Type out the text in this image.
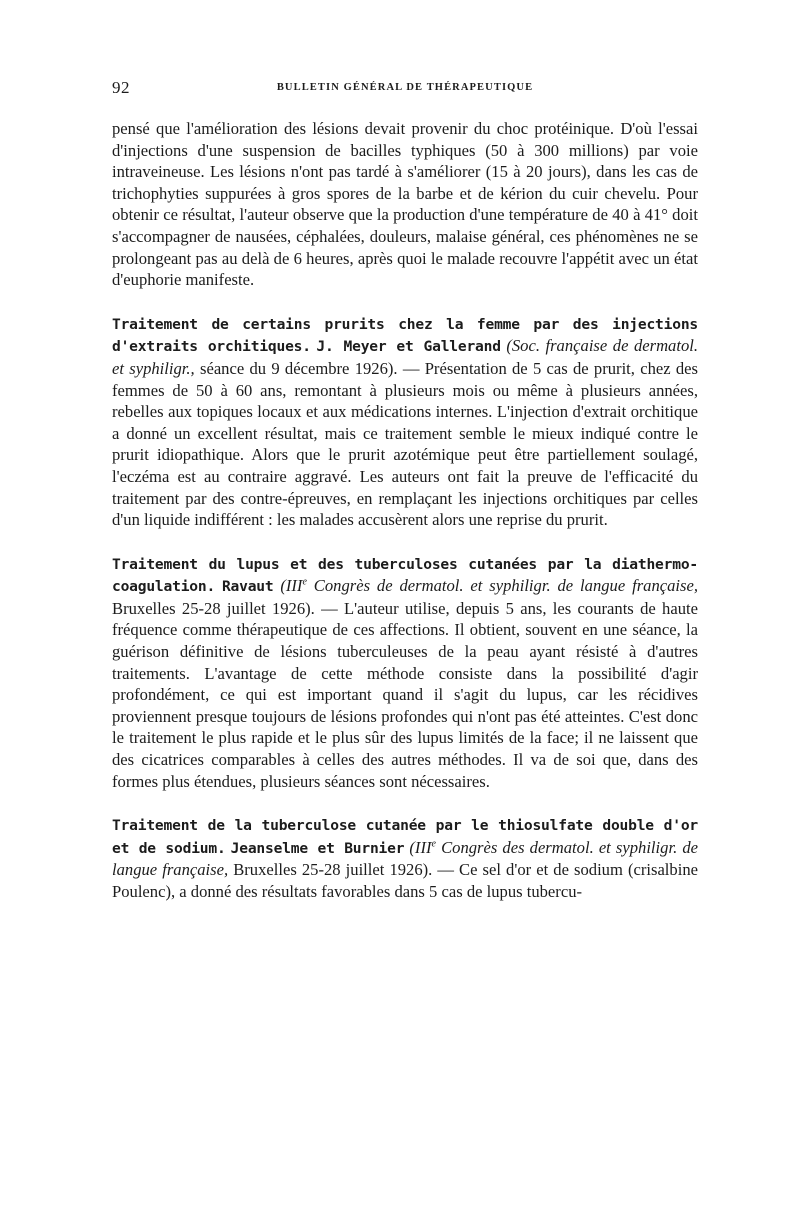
92	BULLETIN GÉNÉRAL DE THÉRAPEUTIQUE

pensé que l'amélioration des lésions devait provenir du choc protéinique. D'où l'essai d'injections d'une suspension de bacilles typhiques (50 à 300 millions) par voie intraveineuse. Les lésions n'ont pas tardé à s'améliorer (15 à 20 jours), dans les cas de trichophyties suppurées à gros spores de la barbe et de kérion du cuir chevelu. Pour obtenir ce résultat, l'auteur observe que la production d'une température de 40 à 41° doit s'accompagner de nausées, céphalées, douleurs, malaise général, ces phénomènes ne se prolongeant pas au delà de 6 heures, après quoi le malade recouvre l'appétit avec un état d'euphorie manifeste.

Traitement de certains prurits chez la femme par des injections d'extraits orchitiques. J. Meyer et Gallerand (Soc. française de dermatol. et syphiligr., séance du 9 décembre 1926). — Présentation de 5 cas de prurit, chez des femmes de 50 à 60 ans, remontant à plusieurs mois ou même à plusieurs années, rebelles aux topiques locaux et aux médications internes. L'injection d'extrait orchitique a donné un excellent résultat, mais ce traitement semble le mieux indiqué contre le prurit idiopathique. Alors que le prurit azotémique peut être partiellement soulagé, l'eczéma est au contraire aggravé. Les auteurs ont fait la preuve de l'efficacité du traitement par des contre-épreuves, en remplaçant les injections orchitiques par celles d'un liquide indifférent : les malades accusèrent alors une reprise du prurit.

Traitement du lupus et des tuberculoses cutanées par la diathermo-coagulation. Ravaut (IIIe Congrès de dermatol. et syphiligr. de langue française, Bruxelles 25-28 juillet 1926). — L'auteur utilise, depuis 5 ans, les courants de haute fréquence comme thérapeutique de ces affections. Il obtient, souvent en une séance, la guérison définitive de lésions tuberculeuses de la peau ayant résisté à d'autres traitements. L'avantage de cette méthode consiste dans la possibilité d'agir profondément, ce qui est important quand il s'agit du lupus, car les récidives proviennent presque toujours de lésions profondes qui n'ont pas été atteintes. C'est donc le traitement le plus rapide et le plus sûr des lupus limités de la face; il ne laissent que des cicatrices comparables à celles des autres méthodes. Il va de soi que, dans des formes plus étendues, plusieurs séances sont nécessaires.

Traitement de la tuberculose cutanée par le thiosulfate double d'or et de sodium. Jeanselme et Burnier (IIIe Congrès des dermatol. et syphiligr. de langue française, Bruxelles 25-28 juillet 1926). — Ce sel d'or et de sodium (crisalbine Poulenc), a donné des résultats favorables dans 5 cas de lupus tubercu-
